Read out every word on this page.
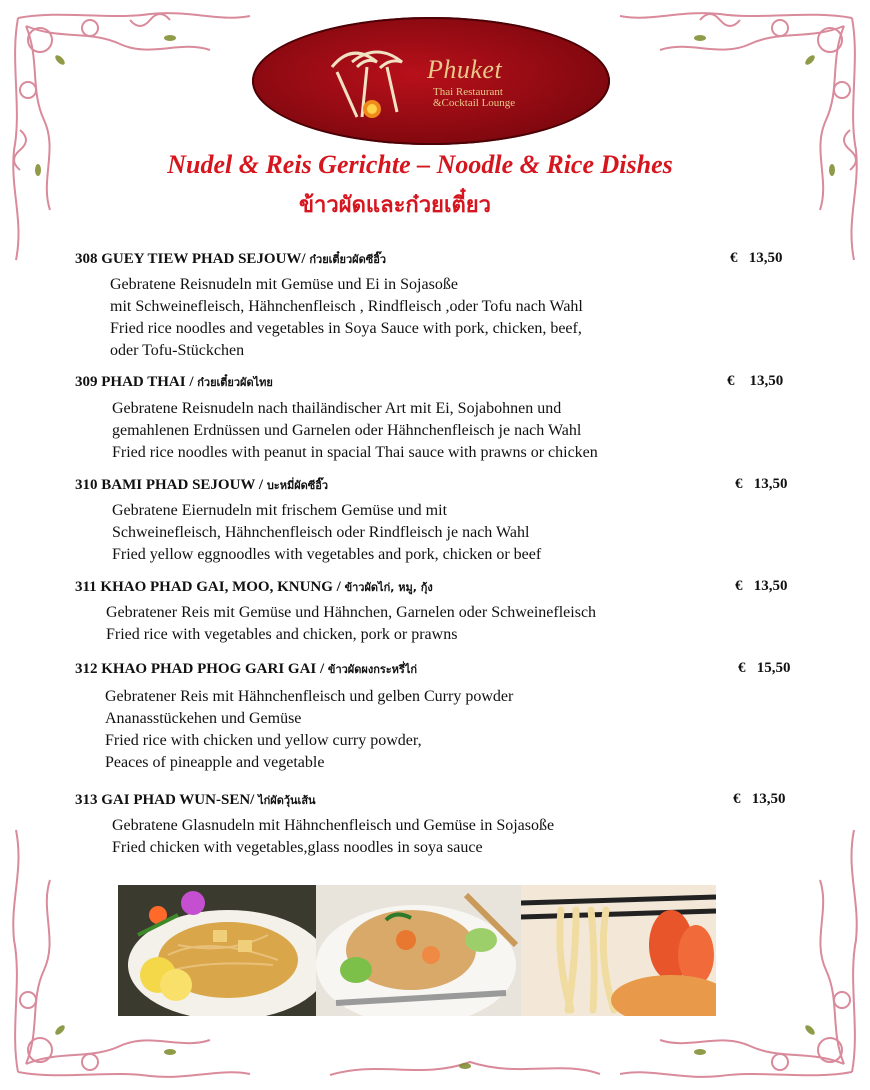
Phuket
Thai Restaurant
&Cocktail Lounge
Nudel & Reis Gerichte – Noodle & Rice Dishes
ข้าวผัดและก๋วยเตี๋ยว
308 GUEY TIEW PHAD SEJOUW/ ก๋วยเตี๋ยวผัดซีอิ๊ว	€ 13,50
Gebratene Reisnudeln mit Gemüse und Ei in Sojasoße
mit Schweinefleisch, Hähnchenfleisch , Rindfleisch ,oder Tofu nach Wahl
Fried rice noodles and vegetables in Soya Sauce with pork, chicken, beef,
oder Tofu-Stückchen
309 PHAD THAI / ก๋วยเตี๋ยวผัดไทย	€ 13,50
Gebratene Reisnudeln nach thailändischer Art mit Ei, Sojabohnen und
gemahlenen Erdnüssen und Garnelen oder Hähnchenfleisch je nach Wahl
Fried rice noodles with peanut in spacial Thai sauce with prawns or chicken
310 BAMI PHAD SEJOUW / บะหมี่ผัดซีอิ๊ว	€ 13,50
Gebratene Eiernudeln mit frischem Gemüse und mit
Schweinefleisch, Hähnchenfleisch oder Rindfleisch je nach Wahl
Fried yellow eggnoodles with vegetables and pork, chicken or beef
311 KHAO PHAD GAI, MOO, KNUNG / ข้าวผัดไก่, หมู, กุ้ง	€ 13,50
Gebratener Reis mit Gemüse und Hähnchen, Garnelen oder Schweinefleisch
Fried rice with vegetables and chicken, pork or prawns
312 KHAO PHAD PHOG GARI GAI / ข้าวผัดผงกระหรี่ไก่	€ 15,50
Gebratener Reis mit Hähnchenfleisch und gelben Curry powder
Ananasstückehen und Gemüse
Fried rice with chicken und yellow curry powder,
Peaces of pineapple and vegetable
313 GAI PHAD WUN-SEN/ ไก่ผัดวุ้นเส้น	€ 13,50
Gebratene Glasnudeln mit Hähnchenfleisch und Gemüse in Sojasoße
Fried chicken with vegetables,glass noodles in soya sauce
